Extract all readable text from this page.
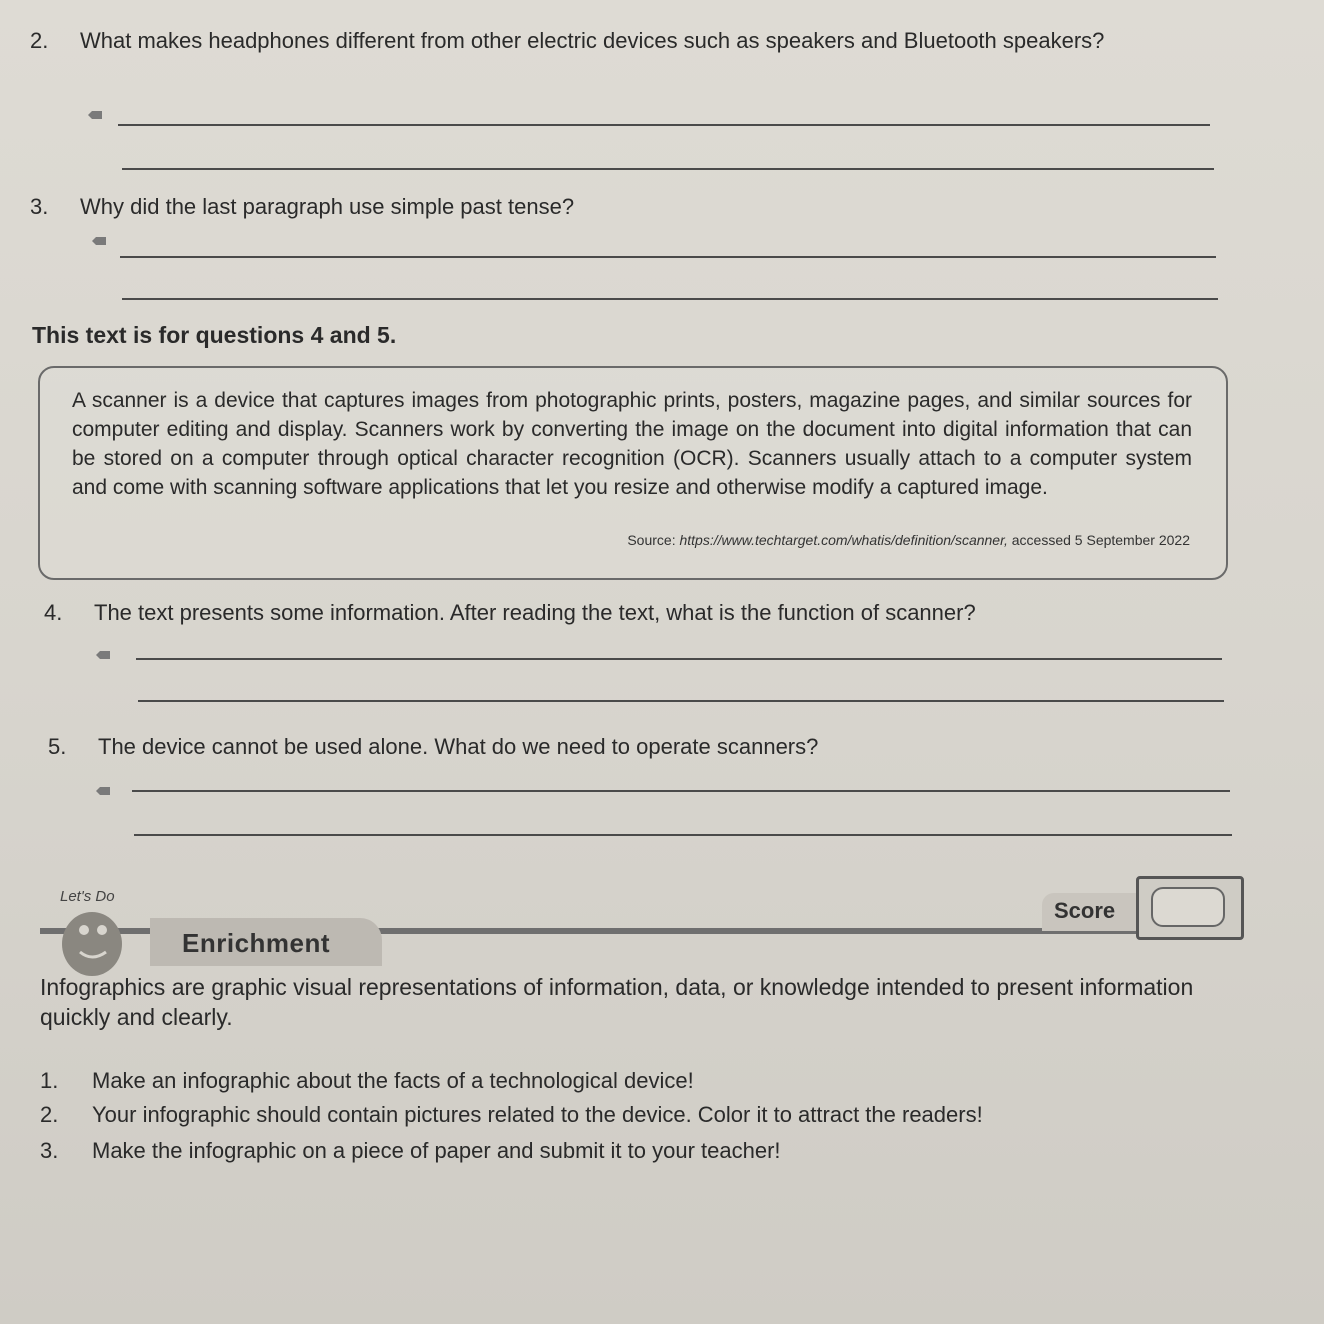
2. What makes headphones different from other electric devices such as speakers and Bluetooth speakers?
3. Why did the last paragraph use simple past tense?
This text is for questions 4 and 5.
A scanner is a device that captures images from photographic prints, posters, magazine pages, and similar sources for computer editing and display. Scanners work by converting the image on the document into digital information that can be stored on a computer through optical character recognition (OCR). Scanners usually attach to a computer system and come with scanning software applications that let you resize and otherwise modify a captured image.
Source: https://www.techtarget.com/whatis/definition/scanner, accessed 5 September 2022
4. The text presents some information. After reading the text, what is the function of scanner?
5. The device cannot be used alone. What do we need to operate scanners?
Let's Do
Enrichment
Score
Infographics are graphic visual representations of information, data, or knowledge intended to present information quickly and clearly.
1. Make an infographic about the facts of a technological device!
2. Your infographic should contain pictures related to the device. Color it to attract the readers!
3. Make the infographic on a piece of paper and submit it to your teacher!
